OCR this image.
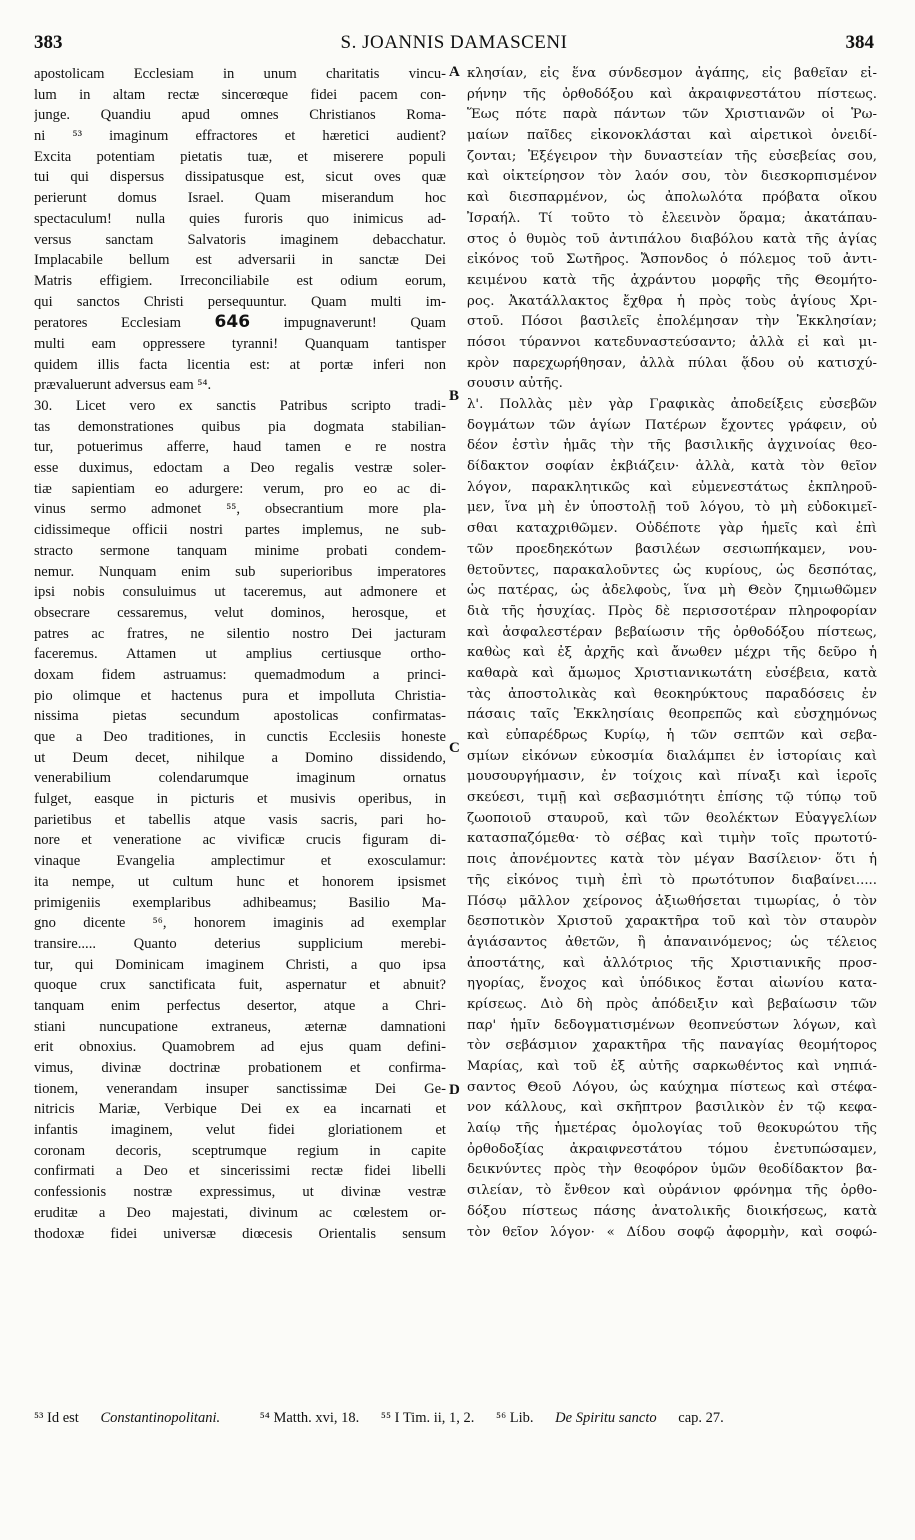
383	S. JOANNIS DAMASCENI	384
apostolicam Ecclesiam in unum charitatis vincu-
lum in altam rectæ sincerœque fidei pacem con-
junge. Quandiu apud omnes Christianos Roma-
ni ⁵³ imaginum effractores et hæretici audient?
Excita potentiam pietatis tuæ, et miserere populi
tui qui dispersus dissipatusque est, sicut oves quæ
perierunt domus Israel. Quam miserandum hoc
spectaculum! nulla quies furoris quo inimicus ad-
versus sanctam Salvatoris imaginem debacchatur.
Implacabile bellum est adversarii in sanctæ Dei
Matris effigiem. Irreconciliabile est odium eorum,
qui sanctos Christi persequuntur. Quam multi im-
peratores Ecclesiam 646 impugnaverunt! Quam
multi eam oppressere tyranni! Quanquam tantisper
quidem illis facta licentia est: at portæ inferi non
prævaluerunt adversus eam ⁵⁴.
30. Licet vero ex sanctis Patribus scripto tradi-
tas demonstrationes quibus pia dogmata stabilian-
tur, potuerimus afferre, haud tamen e re nostra
esse duximus, edoctam a Deo regalis vestræ soler-
tiæ sapientiam eo adurgere: verum, pro eo ac di-
vinus sermo admonet ⁵⁵, obsecrantium more pla-
cidissimeque officii nostri partes implemus, ne sub-
stracto sermone tanquam minime probati condem-
nemur. Nunquam enim sub superioribus imperatores
ipsi nobis consuluimus ut taceremus, aut admonere et
obsecrare cessaremus, velut dominos, herosque, et
patres ac fratres, ne silentio nostro Dei jacturam
faceremus. Attamen ut amplius certiusque ortho-
doxam fidem astruamus: quemadmodum a princi-
pio olimque et hactenus pura et impolluta Christia-
nissima pietas secundum apostolicas confirmatas-
que a Deo traditiones, in cunctis Ecclesiis honeste
ut Deum decet, nihilque a Domino dissidendo,
venerabilium colendarumque imaginum ornatus
fulget, easque in picturis et musivis operibus, in
parietibus et tabellis atque vasis sacris, pari ho-
nore et veneratione ac vivificæ crucis figuram di-
vinaque Evangelia amplectimur et exosculamur:
ita nempe, ut cultum hunc et honorem ipsismet
primigeniis exemplaribus adhibeamus; Basilio Ma-
gno dicente ⁵⁶, honorem imaginis ad exemplar
transire..... Quanto deterius supplicium merebi-
tur, qui Dominicam imaginem Christi, a quo ipsa
quoque crux sanctificata fuit, aspernatur et abnuit?
tanquam enim perfectus desertor, atque a Chri-
stiani nuncupatione extraneus, æternæ damnationi
erit obnoxius. Quamobrem ad ejus quam defini-
vimus, divinæ doctrinæ probationem et confirma-
tionem, venerandam insuper sanctissimæ Dei Ge-
nitricis Mariæ, Verbique Dei ex ea incarnati et
infantis imaginem, velut fidei gloriationem et
coronam decoris, sceptrumque regium in capite
confirmati a Deo et sincerissimi rectæ fidei libelli
confessionis nostræ expressimus, ut divinæ vestræ
eruditæ a Deo majestati, divinum ac cœlestem or-
thodoxæ fidei universæ diœcesis Orientalis sensum
κλησίαν, εἰς ἕνα σύνδεσμον ἀγάπης, εἰς βαθεῖαν εἰ-
ρήνην τῆς ὀρθοδόξου καὶ ἀκραιφνεστάτου πίστεως.
Ἕως πότε παρὰ πάντων τῶν Χριστιανῶν οἱ Ῥω-
μαίων παῖδες εἰκονοκλάσται καὶ αἱρετικοὶ ὀνειδί-
ζονται; Ἐξέγειρον τὴν δυναστείαν τῆς εὐσεβείας σου,
καὶ οἰκτείρησον τὸν λαόν σου, τὸν διεσκορπισμένον
καὶ διεσπαρμένον, ὡς ἀπολωλότα πρόβατα οἴκου
Ἰσραήλ. Τί τοῦτο τὸ ἐλεεινὸν ὅραμα; ἀκατάπαυ-
στος ὁ θυμὸς τοῦ ἀντιπάλου διαβόλου κατὰ τῆς ἁγίας
εἰκόνος τοῦ Σωτῆρος. Ἄσπονδος ὁ πόλεμος τοῦ ἀντι-
κειμένου κατὰ τῆς ἀχράντου μορφῆς τῆς Θεομήτο-
ρος. Ἀκατάλλακτος ἔχθρα ἡ πρὸς τοὺς ἁγίους Χρι-
στοῦ. Πόσοι βασιλεῖς ἐπολέμησαν τὴν Ἐκκλησίαν;
πόσοι τύραννοι κατεδυναστεύσαντο; ἀλλὰ εἰ καὶ μι-
κρὸν παρεχωρήθησαν, ἀλλὰ πύλαι ᾅδου οὐ κατισχύ-
σουσιν αὐτῆς.
λ'. Πολλὰς μὲν γὰρ Γραφικὰς ἀποδείξεις εὐσεβῶν
δογμάτων τῶν ἁγίων Πατέρων ἔχοντες γράφειν, οὐ
δέον ἐστὶν ἡμᾶς τὴν τῆς βασιλικῆς ἀγχινοίας θεο-
δίδακτον σοφίαν ἐκβιάζειν· ἀλλὰ, κατὰ τὸν θεῖον
λόγον, παρακλητικῶς καὶ εὐμενεστάτως ἐκπληροῦ-
μεν, ἵνα μὴ ἐν ὑποστολῇ τοῦ λόγου, τὸ μὴ εὐδοκιμεῖ-
σθαι καταχριθῶμεν. Οὐδέποτε γὰρ ἡμεῖς καὶ ἐπὶ
τῶν προεδηεκότων βασιλέων σεσιωπήκαμεν, νου-
θετοῦντες, παρακαλοῦντες ὡς κυρίους, ὡς δεσπότας,
ὡς πατέρας, ὡς ἀδελφοὺς, ἵνα μὴ Θεὸν ζημιωθῶμεν
διὰ τῆς ἡσυχίας. Πρὸς δὲ περισσοτέραν πληροφορίαν
καὶ ἀσφαλεστέραν βεβαίωσιν τῆς ὀρθοδόξου πίστεως,
καθὼς καὶ ἐξ ἀρχῆς καὶ ἄνωθεν μέχρι τῆς δεῦρο ἡ
καθαρὰ καὶ ἄμωμος Χριστιανικωτάτη εὐσέβεια, κατὰ
τὰς ἀποστολικὰς καὶ θεοκηρύκτους παραδόσεις ἐν
πάσαις ταῖς Ἐκκλησίαις θεοπρεπῶς καὶ εὐσχημόνως
καὶ εὐπαρέδρως Κυρίῳ, ἡ τῶν σεπτῶν καὶ σεβα-
σμίων εἰκόνων εὐκοσμία διαλάμπει ἐν ἱστορίαις καὶ
μουσουργήμασιν, ἐν τοίχοις καὶ πίναξι καὶ ἱεροῖς
σκεύεσι, τιμῇ καὶ σεβασμιότητι ἐπίσης τῷ τύπῳ τοῦ
ζωοποιοῦ σταυροῦ, καὶ τῶν θεολέκτων Εὐαγγελίων
κατασπαζόμεθα· τὸ σέβας καὶ τιμὴν τοῖς πρωτοτύ-
ποις ἀπονέμοντες κατὰ τὸν μέγαν Βασίλειον· ὅτι ἡ
τῆς εἰκόνος τιμὴ ἐπὶ τὸ πρωτότυπον διαβαίνει.....
Πόσῳ μᾶλλον χείρονος ἀξιωθήσεται τιμωρίας, ὁ τὸν
δεσποτικὸν Χριστοῦ χαρακτῆρα τοῦ καὶ τὸν σταυρὸν
ἁγιάσαντος ἀθετῶν, ἢ ἀπαναινόμενος; ὡς τέλειος
ἀποστάτης, καὶ ἀλλότριος τῆς Χριστιανικῆς προσ-
ηγορίας, ἔνοχος καὶ ὑπόδικος ἔσται αἰωνίου κατα-
κρίσεως. Διὸ δὴ πρὸς ἀπόδειξιν καὶ βεβαίωσιν τῶν
παρ' ἡμῖν δεδογματισμένων θεοπνεύστων λόγων, καὶ
τὸν σεβάσμιον χαρακτῆρα τῆς παναγίας θεομήτορος
Μαρίας, καὶ τοῦ ἐξ αὐτῆς σαρκωθέντος καὶ νηπιά-
σαντος Θεοῦ Λόγου, ὡς καύχημα πίστεως καὶ στέφα-
νον κάλλους, καὶ σκῆπτρον βασιλικὸν ἐν τῷ κεφα-
λαίῳ τῆς ἡμετέρας ὁμολογίας τοῦ θεοκυρώτου τῆς
ὀρθοδοξίας ἀκραιφνεστάτου τόμου ἐνετυπώσαμεν,
δεικνύντες πρὸς τὴν θεοφόρον ὑμῶν θεοδίδακτον βα-
σιλείαν, τὸ ἔνθεον καὶ οὐράνιον φρόνημα τῆς ὀρθο-
δόξου πίστεως πάσης ἀνατολικῆς διοικήσεως, κατὰ
τὸν θεῖον λόγον· « Δίδου σοφῷ ἀφορμὴν, καὶ σοφώ-
A
B
C
D
⁵³ Id est Constantinopolitani.	⁵⁴ Matth. xvi, 18. ⁵⁵ I Tim. ii, 1, 2. ⁵⁶ Lib. De Spiritu sancto cap. 27.
